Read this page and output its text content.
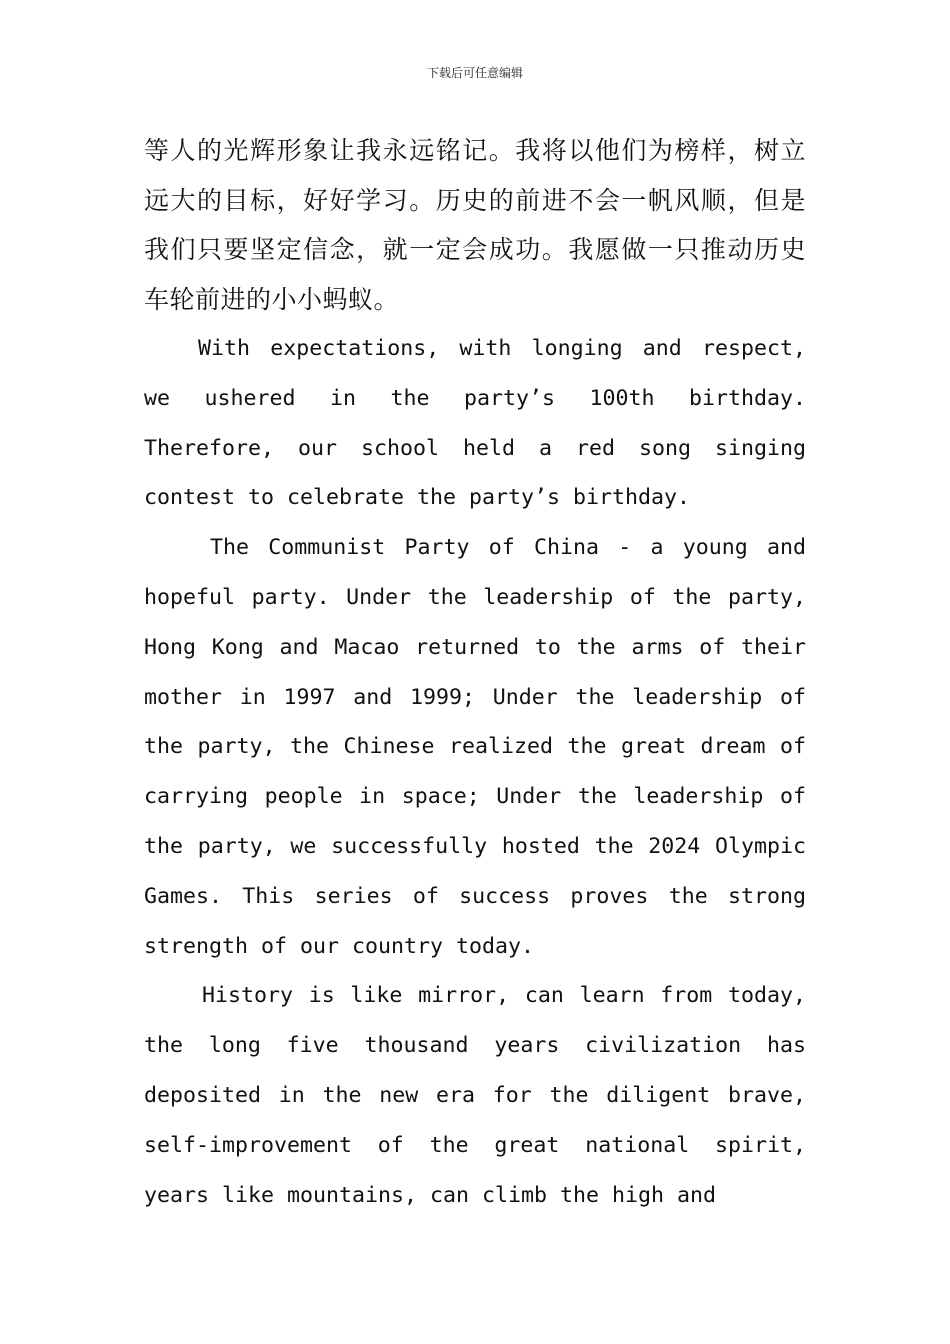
下载后可任意编辑

等人的光辉形象让我永远铭记。我将以他们为榜样，树立远大的目标，好好学习。历史的前进不会一帆风顺，但是我们只要坚定信念，就一定会成功。我愿做一只推动历史车轮前进的小小蚂蚁。

With expectations, with longing and respect, we ushered in the party’s 100th birthday. Therefore, our school held a red song singing contest to celebrate the party’s birthday.

The Communist Party of China - a young and hopeful party. Under the leadership of the party, Hong Kong and Macao returned to the arms of their mother in 1997 and 1999; Under the leadership of the party, the Chinese realized the great dream of carrying people in space; Under the leadership of the party, we successfully hosted the 2024 Olympic Games. This series of success proves the strong strength of our country today.

History is like mirror, can learn from today, the long five thousand years civilization has deposited in the new era for the diligent brave, self-improvement of the great national spirit, years like mountains, can climb the high and
